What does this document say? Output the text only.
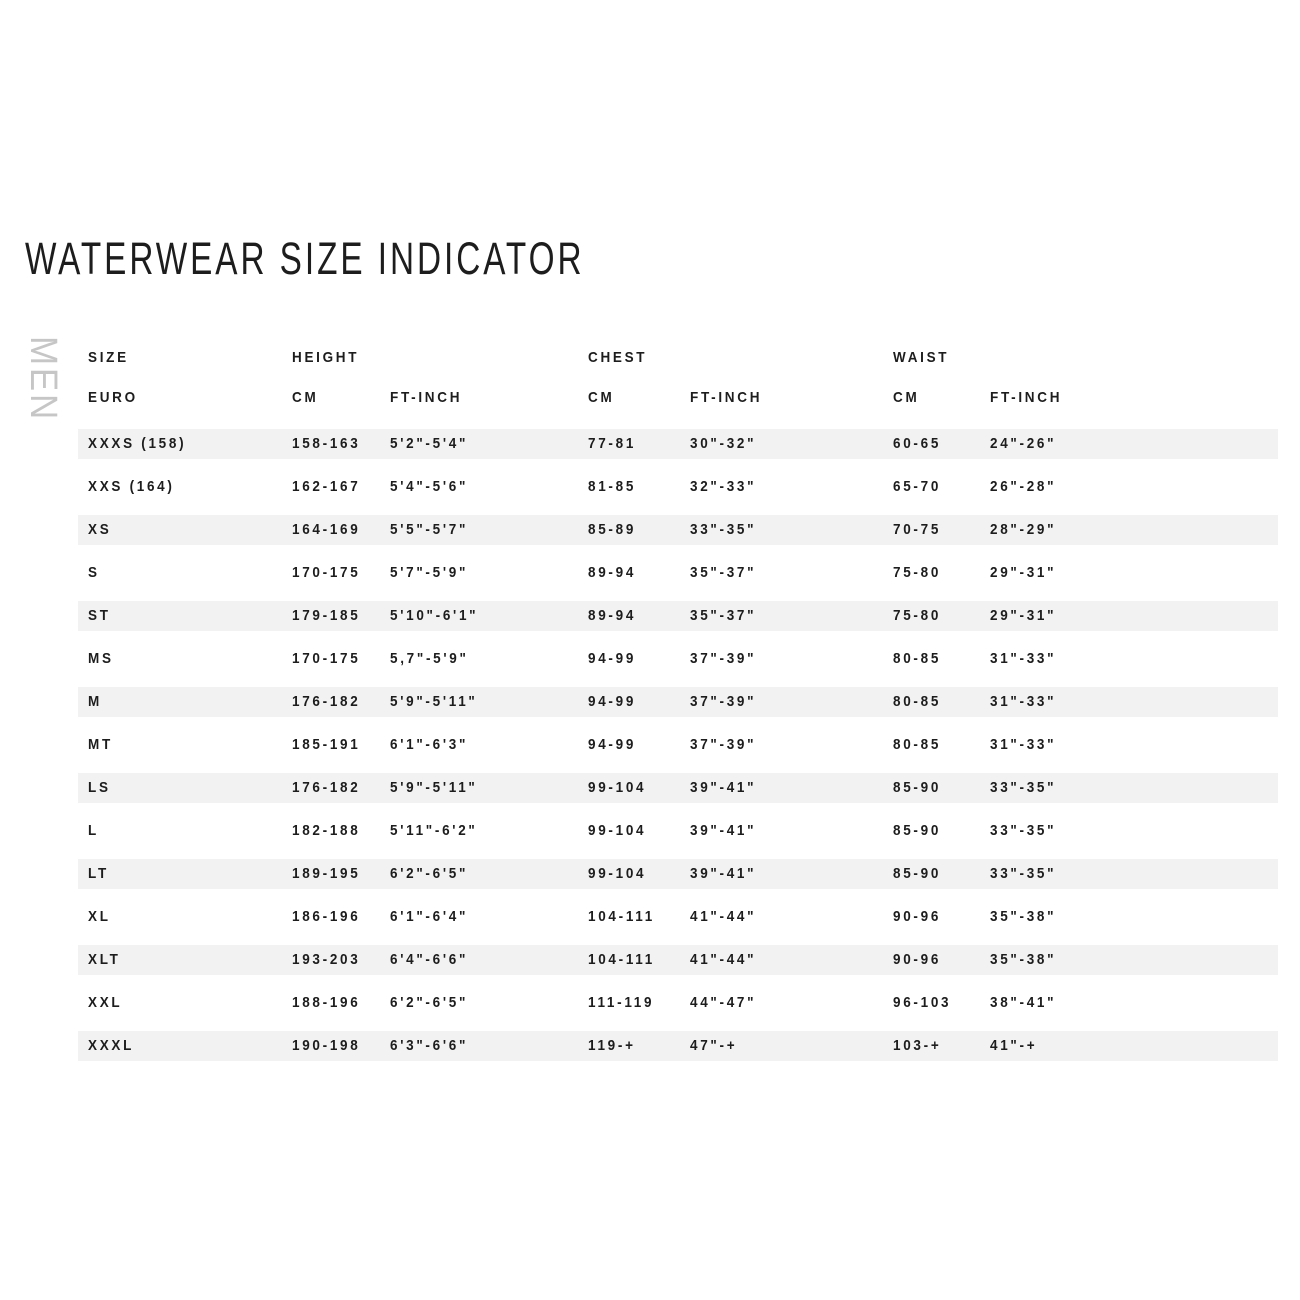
WATERWEAR SIZE INDICATOR
MEN SIZE	HEIGHT	CHEST	WAIST
EURO	CM	FT-INCH	CM	FT-INCH	CM	FT-INCH
XXXS (158)	158-163	5'2"-5'4"	77-81	30"-32"	60-65	24"-26"
XXS (164)	162-167	5'4"-5'6"	81-85	32"-33"	65-70	26"-28"
XS	164-169	5'5"-5'7"	85-89	33"-35"	70-75	28"-29"
S	170-175	5'7"-5'9"	89-94	35"-37"	75-80	29"-31"
ST	179-185	5'10"-6'1"	89-94	35"-37"	75-80	29"-31"
MS	170-175	5,7"-5'9"	94-99	37"-39"	80-85	31"-33"
M	176-182	5'9"-5'11"	94-99	37"-39"	80-85	31"-33"
MT	185-191	6'1"-6'3"	94-99	37"-39"	80-85	31"-33"
LS	176-182	5'9"-5'11"	99-104	39"-41"	85-90	33"-35"
L	182-188	5'11"-6'2"	99-104	39"-41"	85-90	33"-35"
LT	189-195	6'2"-6'5"	99-104	39"-41"	85-90	33"-35"
XL	186-196	6'1"-6'4"	104-111	41"-44"	90-96	35"-38"
XLT	193-203	6'4"-6'6"	104-111	41"-44"	90-96	35"-38"
XXL	188-196	6'2"-6'5"	111-119	44"-47"	96-103	38"-41"
XXXL	190-198	6'3"-6'6"	119-+	47"-+	103-+	41"-+
